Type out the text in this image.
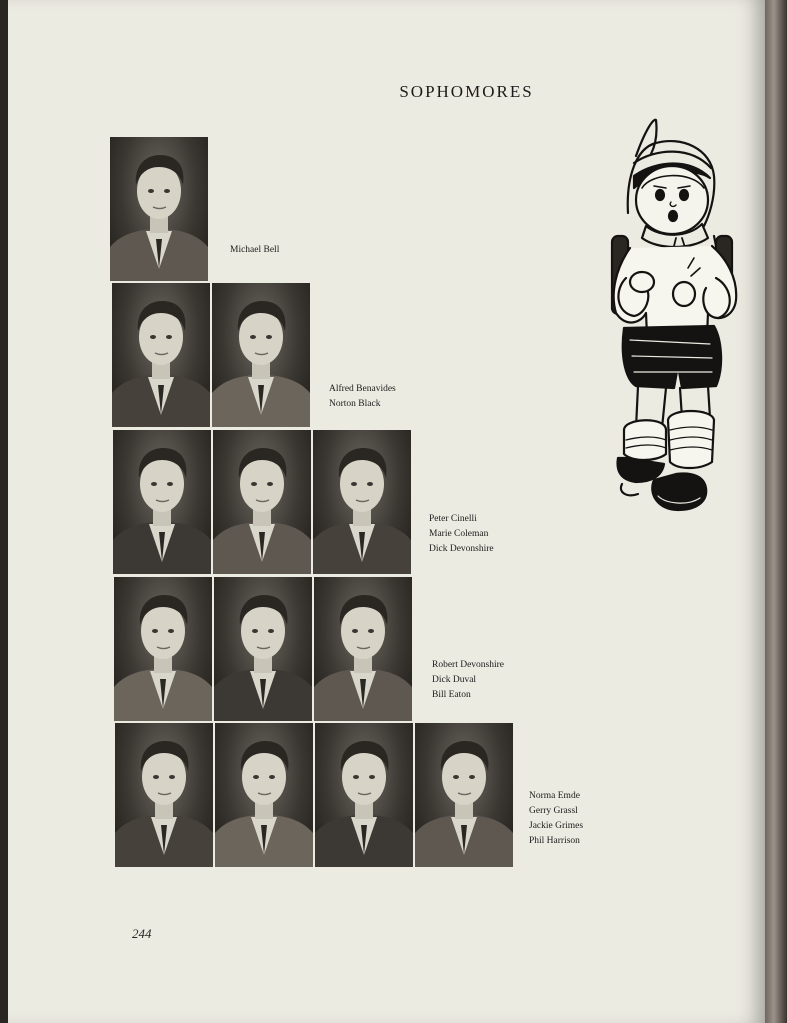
SOPHOMORES
Michael Bell
Alfred Benavides
Norton Black
Peter Cinelli
Marie Coleman
Dick Devonshire
Robert Devonshire
Dick Duval
Bill Eaton
Norma Emde
Gerry Grassl
Jackie Grimes
Phil Harrison
244
